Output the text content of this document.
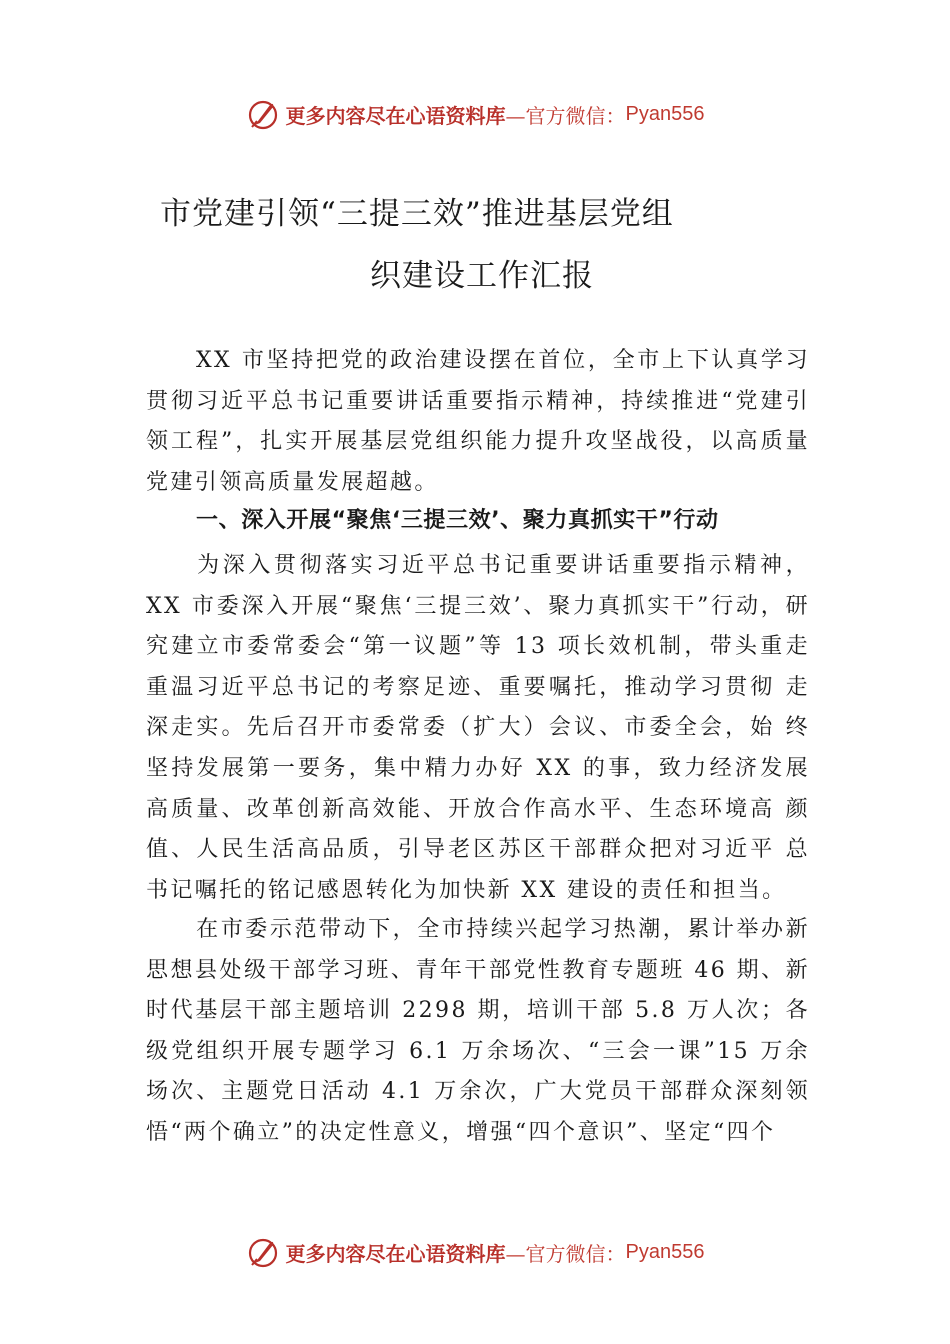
更多内容尽在心语资料库 —官方微信： Pyan556
市党建引领“三提三效”推进基层党组
织建设工作汇报
XX 市坚持把党的政治建设摆在首位，全市上下认真学习贯彻习近平总书记重要讲话重要指示精神，持续推进“党建引领工程”，扎实开展基层党组织能力提升攻坚战役，以高质量党建引领高质量发展超越。
一、深入开展“聚焦‘三提三效’、聚力真抓实干”行动
为深入贯彻落实习近平总书记重要讲话重要指示精神，XX 市委深入开展“聚焦‘三提三效’、聚力真抓实干”行动，研究建立市委常委会“第一议题”等 13 项长效机制，带头重走重温习近平总书记的考察足迹、重要嘱托，推动学习贯彻 走深走实。先后召开市委常委（扩大）会议、市委全会，始 终坚持发展第一要务，集中精力办好 XX 的事，致力经济发展高质量、改革创新高效能、开放合作高水平、生态环境高 颜值、人民生活高品质，引导老区苏区干部群众把对习近平 总书记嘱托的铭记感恩转化为加快新 XX 建设的责任和担当。
在市委示范带动下，全市持续兴起学习热潮，累计举办新思想县处级干部学习班、青年干部党性教育专题班 46 期、新时代基层干部主题培训 2298 期，培训干部 5.8 万人次；各级党组织开展专题学习 6.1 万余场次、“三会一课”15 万余场次、主题党日活动 4.1 万余次，广大党员干部群众深刻领悟“两个确立”的决定性意义，增强“四个意识”、坚定“四个
更多内容尽在心语资料库 —官方微信： Pyan556
